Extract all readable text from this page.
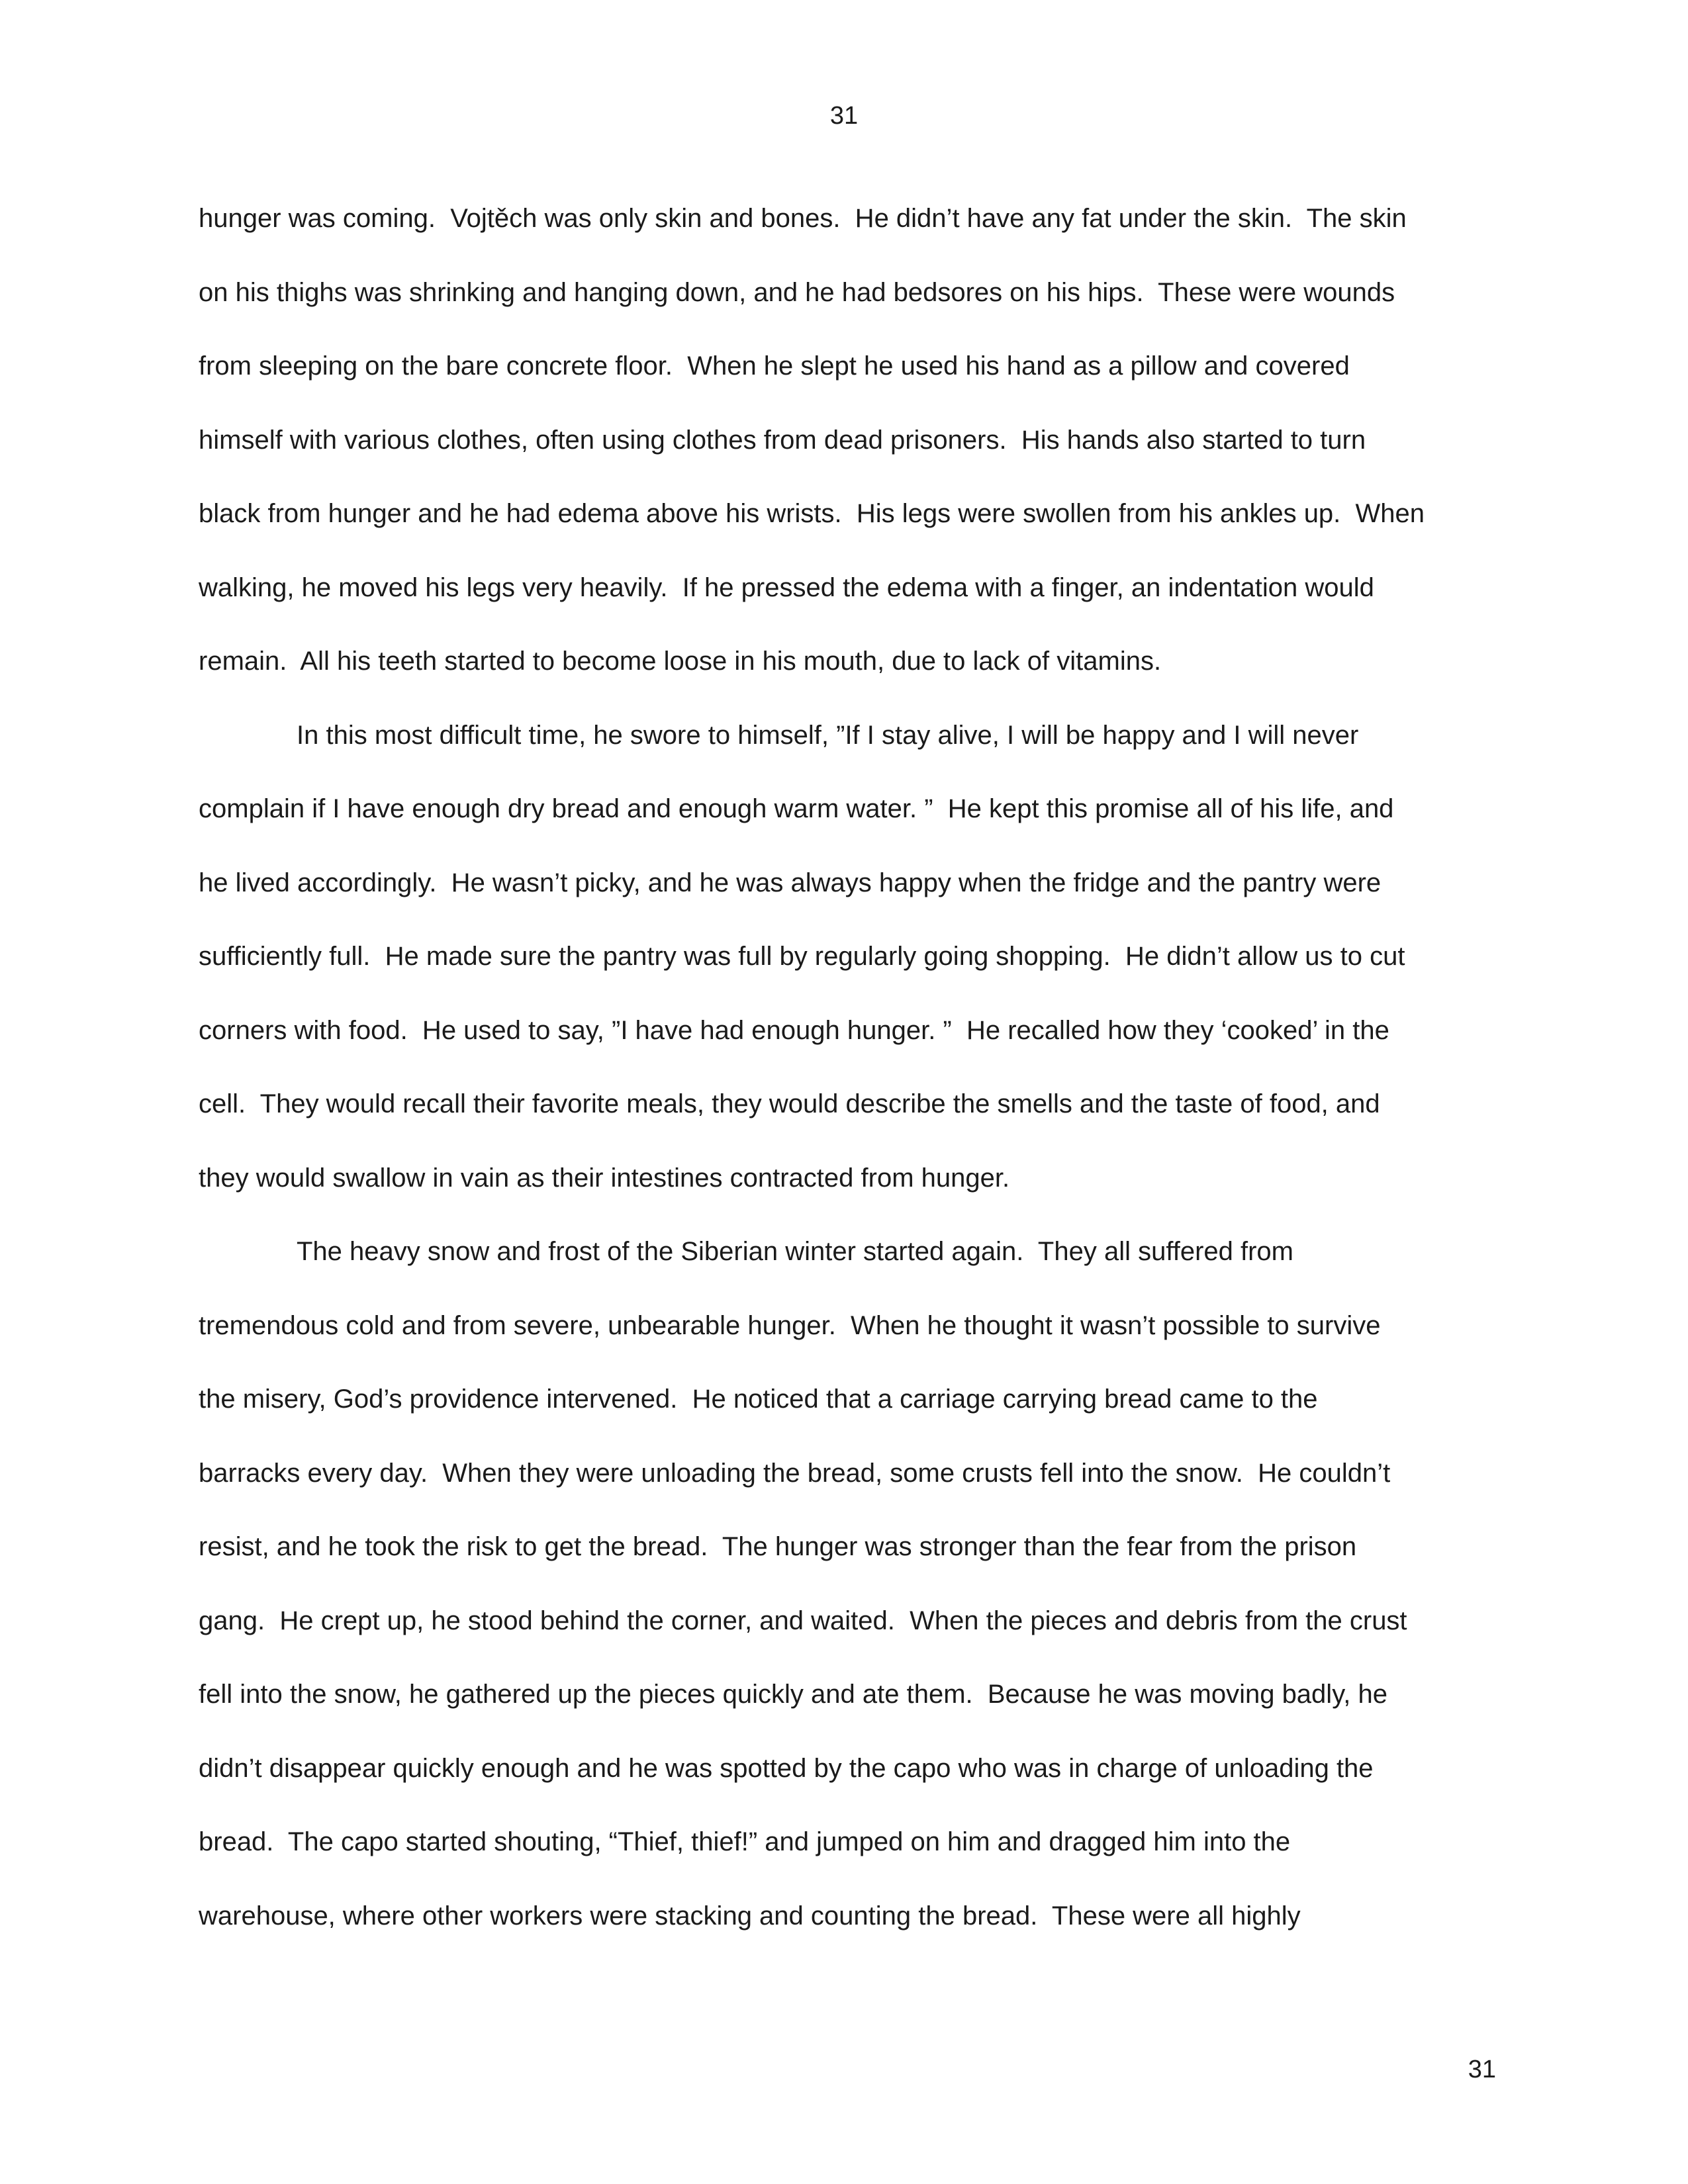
31
hunger was coming.  Vojtěch was only skin and bones.  He didn’t have any fat under the skin.  The skin
on his thighs was shrinking and hanging down, and he had bedsores on his hips.  These were wounds
from sleeping on the bare concrete floor.  When he slept he used his hand as a pillow and covered
himself with various clothes, often using clothes from dead prisoners.  His hands also started to turn
black from hunger and he had edema above his wrists.  His legs were swollen from his ankles up.  When
walking, he moved his legs very heavily.  If he pressed the edema with a finger, an indentation would
remain.  All his teeth started to become loose in his mouth, due to lack of vitamins.
In this most difficult time, he swore to himself, ”If I stay alive, I will be happy and I will never
complain if I have enough dry bread and enough warm water. ”  He kept this promise all of his life, and
he lived accordingly.  He wasn’t picky, and he was always happy when the fridge and the pantry were
sufficiently full.  He made sure the pantry was full by regularly going shopping.  He didn’t allow us to cut
corners with food.  He used to say, ”I have had enough hunger. ”  He recalled how they ‘cooked’ in the
cell.  They would recall their favorite meals, they would describe the smells and the taste of food, and
they would swallow in vain as their intestines contracted from hunger.
The heavy snow and frost of the Siberian winter started again.  They all suffered from
tremendous cold and from severe, unbearable hunger.  When he thought it wasn’t possible to survive
the misery, God’s providence intervened.  He noticed that a carriage carrying bread came to the
barracks every day.  When they were unloading the bread, some crusts fell into the snow.  He couldn’t
resist, and he took the risk to get the bread.  The hunger was stronger than the fear from the prison
gang.  He crept up, he stood behind the corner, and waited.  When the pieces and debris from the crust
fell into the snow, he gathered up the pieces quickly and ate them.  Because he was moving badly, he
didn’t disappear quickly enough and he was spotted by the capo who was in charge of unloading the
bread.  The capo started shouting, “Thief, thief!” and jumped on him and dragged him into the
warehouse, where other workers were stacking and counting the bread.  These were all highly
31
